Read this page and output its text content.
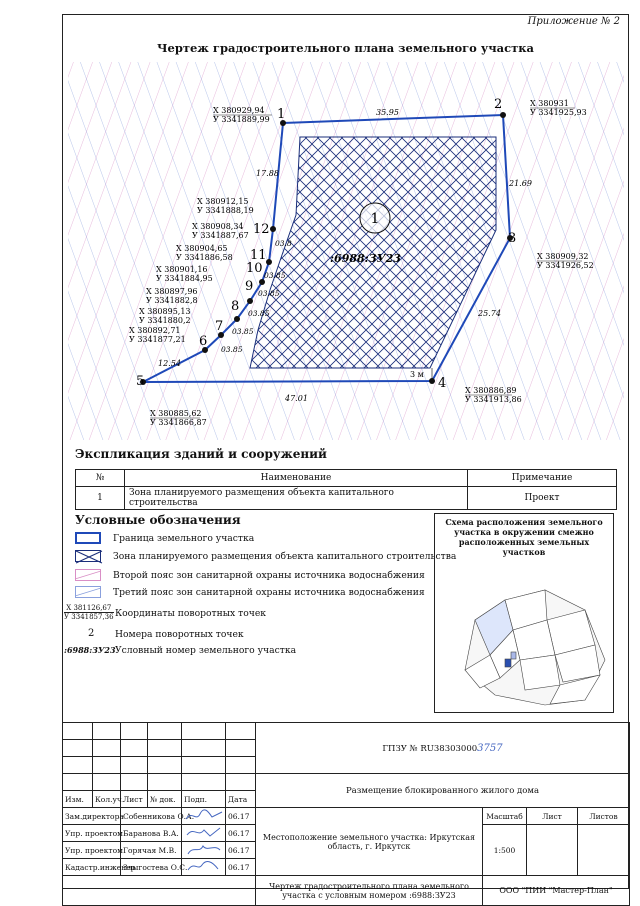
Приложение № 2
Чертеж градостроительного плана земельного участка
3 м
1
:6988:ЗУ23
35.95
21.69
25.74
47.01
12.54
03.85
03.85
03.85
03.85
03.85
03.8
17.88
1
2
3
4
5
6
7
8
9
10
11
12
Х 380929,94
У 3341889,99
Х 380931
У 3341925,93
Х 380909,32
У 3341926,52
Х 380886,89
У 3341913,86
Х 380885,62
У 3341866,87
Х 380912,15
У 3341888,19
Х 380908,34
У 3341887,67
Х 380904,65
У 3341886,58
Х 380901,16
У 3341884,95
Х 380897,96
У 3341882,8
Х 380895,13
У 3341880,2
Х 380892,71
У 3341877,21
Экспликация зданий и сооружений
№	Наименование	Примечание
1	Зона планируемого размещения объекта капитального строительства	Проект
Условные обозначения
Граница земельного участка
Зона планируемого размещения объекта капитального строительства
Второй пояс зон санитарной охраны источника водоснабжения
Третий пояс зон санитарной охраны источника водоснабжения
Х 381126,67
У 3341857,36 Координаты поворотных точек
2 Номера поворотных точек
:6988:ЗУ23 Условный номер земельного участка
Схема расположения земельного участка в окружении смежно расположенных земельных участков
						ГПЗУ № RU383030003757			

						Размещение блокированного жилого дома			
Изм.	Кол.уч.	Лист	№ док.	Подп.	Дата				
Зам.директора		Собенникова О.А.			06.17	Местоположение земельного участка: Иркутская область, г. Иркутск	Масштаб	Лист	Листов
Упр. проектом		Баранова В.А.			06.17		1:500		
Упр. проектом		Горячая М.В.			06.17				
Кадастр.инженер		Злыгостева О.С.			06.17				
						Чертеж градостроительного плана земельного участка с условным номером :6988:ЗУ23	ООО "ПИИ "Мастер-План"		
